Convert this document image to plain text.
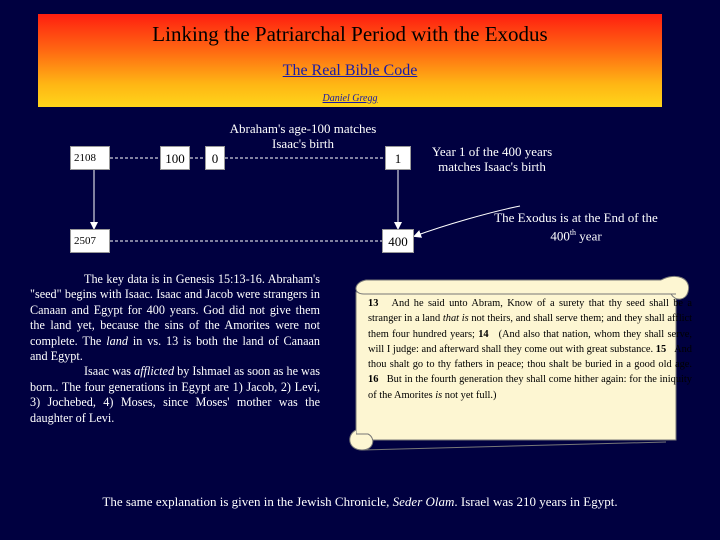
Linking the Patriarchal Period with the Exodus
The Real Bible Code
Daniel Gregg
2108	100	0	1
2507	400
Abraham's age-100 matches Isaac's birth
Year 1 of the 400 years matches Isaac's birth
The Exodus is at the End of the 400th year
The key data is in Genesis 15:13-16. Abraham's "seed" begins with Isaac. Isaac and Jacob were strangers in Canaan and Egypt for 400 years. God did not give them the land yet, because the sins of the Amorites were not complete. The land in vs. 13 is both the land of Canaan and Egypt.
Isaac was afflicted by Ishmael as soon as he was born.. The four generations in Egypt are 1) Jacob, 2) Levi, 3) Jochebed, 4) Moses, since Moses' mother was the daughter of Levi.
13 And he said unto Abram, Know of a surety that thy seed shall be a stranger in a land that is not theirs, and shall serve them; and they shall afflict them four hundred years; 14 (And also that nation, whom they shall serve, will I judge: and afterward shall they come out with great substance. 15 And thou shalt go to thy fathers in peace; thou shalt be buried in a good old age. 16 But in the fourth generation they shall come hither again: for the iniquity of the Amorites is not yet full.)
The same explanation is given in the Jewish Chronicle, Seder Olam. Israel was 210 years in Egypt.
